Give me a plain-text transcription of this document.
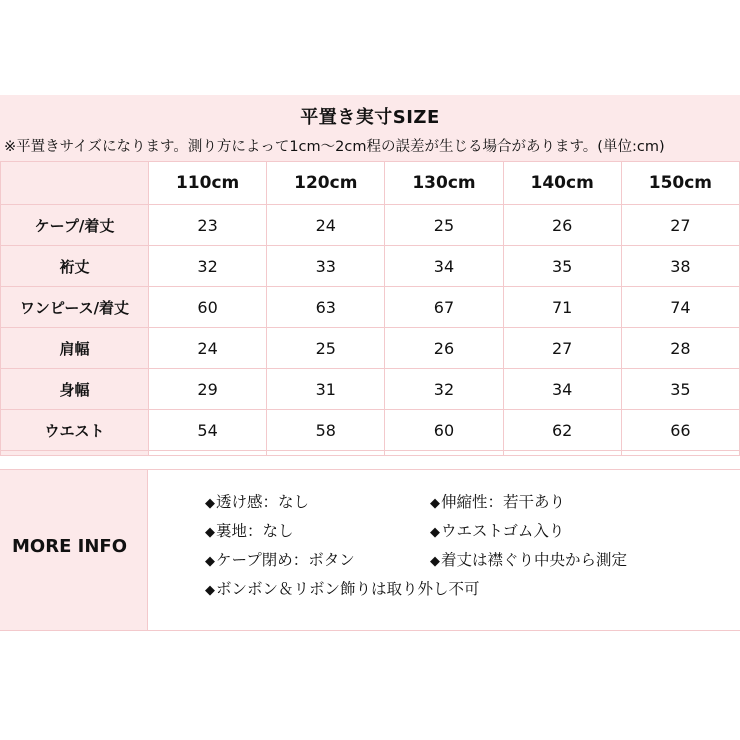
平置き実寸SIZE
※平置きサイズになります。測り方によって1cm〜2cm程の誤差が生じる場合があります。(単位:cm)
	110cm	120cm	130cm	140cm	150cm
ケープ/着丈	23	24	25	26	27
裄丈	32	33	34	35	38
ワンピース/着丈	60	63	67	71	74
肩幅	24	25	26	27	28
身幅	29	31	32	34	35
ウエスト	54	58	60	62	66

MORE INFO
◆透け感：なし	◆伸縮性：若干あり
◆裏地：なし	◆ウエストゴム入り
◆ケープ閉め：ボタン	◆着丈は襟ぐり中央から測定
◆ボンボン＆リボン飾りは取り外し不可
